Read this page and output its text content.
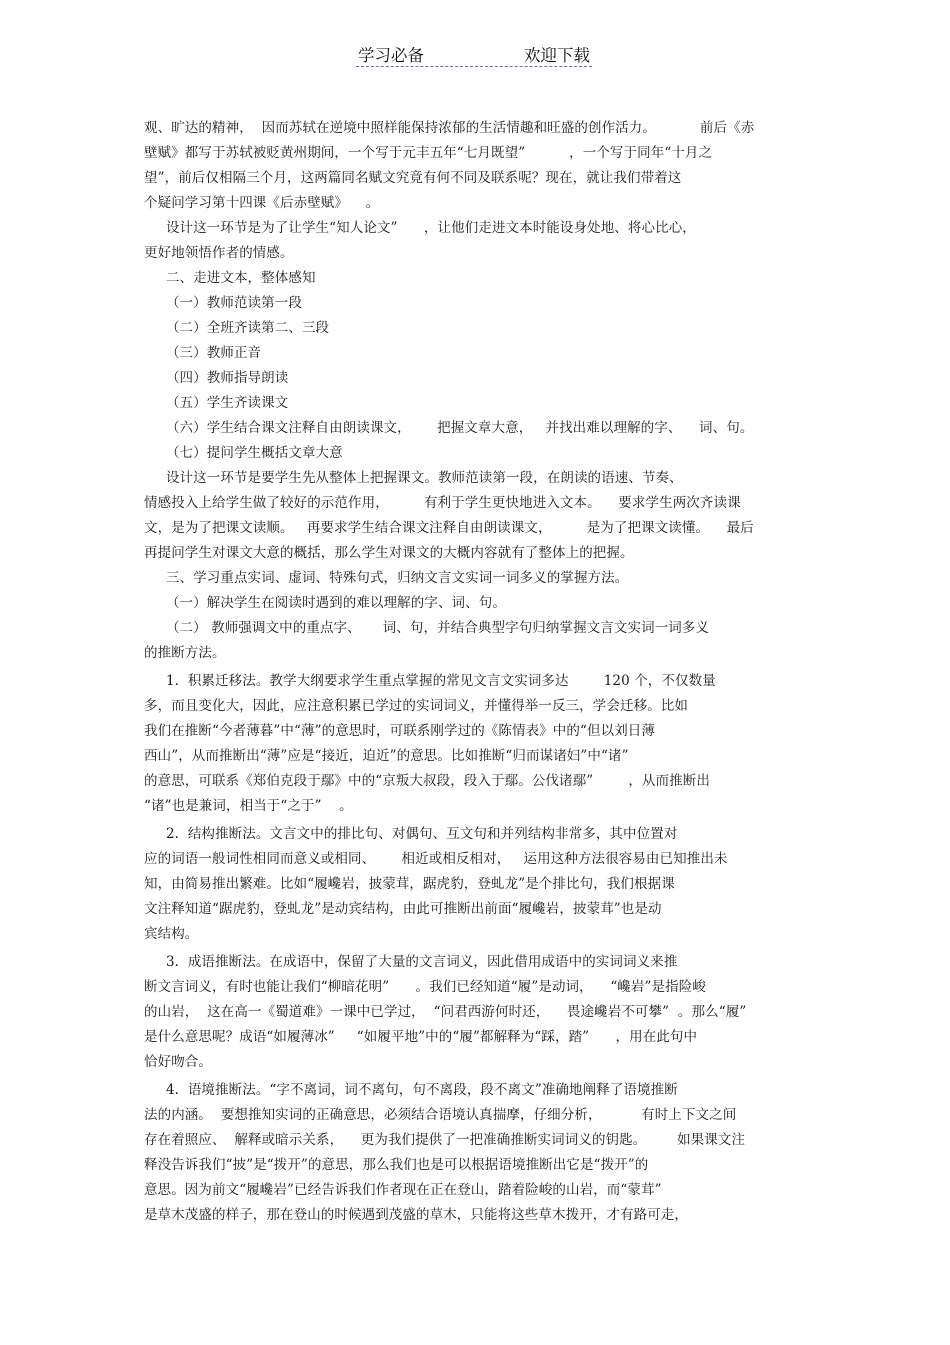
学习必备	欢迎下载
观、旷达的精神，  因而苏轼在逆境中照样能保持浓郁的生活情趣和旺盛的创作活力。          前后《赤
壁赋》都写于苏轼被贬黄州期间，一个写于元丰五年“七月既望”          ，一个写于同年“十月之
望”，前后仅相隔三个月，这两篇同名赋文究竟有何不同及联系呢？现在，就让我们带着这
个疑问学习第十四课《后赤壁赋》    。
设计这一环节是为了让学生“知人论文”      ，让他们走进文本时能设身处地、将心比心，
更好地领悟作者的情感。
二、走进文本，整体感知
（一）教师范读第一段
（二）全班齐读第二、三段
（三）教师正音
（四）教师指导朗读
（五）学生齐读课文
（六）学生结合课文注释自由朗读课文，      把握文章大意，   并找出难以理解的字、    词、句。
（七）提问学生概括文章大意
设计这一环节是要学生先从整体上把握课文。教师范读第一段，在朗读的语速、节奏、
情感投入上给学生做了较好的示范作用，        有利于学生更快地进入文本。    要求学生两次齐读课
文，是为了把课文读顺。   再要求学生结合课文注释自由朗读课文，        是为了把课文读懂。    最后
再提问学生对课文大意的概括，那么学生对课文的大概内容就有了整体上的把握。
三、学习重点实词、虚词、特殊句式，归纳文言文实词一词多义的掌握方法。
（一）解决学生在阅读时遇到的难以理解的字、词、句。
（二） 教师强调文中的重点字、     词、句，并结合典型字句归纳掌握文言文实词一词多义
的推断方法。
1.  积累迁移法。教学大纲要求学生重点掌握的常见文言文实词多达        120 个，不仅数量
多，而且变化大，因此，应注意积累已学过的实词词义，并懂得举一反三，学会迁移。比如
我们在推断“今者薄暮”中“薄”的意思时，可联系刚学过的《陈情表》中的“但以刘日薄
西山”，从而推断出“薄”应是“接近，迫近”的意思。比如推断“归而谋诸妇”中“诸”
的意思，可联系《郑伯克段于鄢》中的“京叛大叔段，段入于鄢。公伐诸鄢”        ，从而推断出
“诸”也是兼词，相当于“之于”    。
2.  结构推断法。文言文中的排比句、对偶句、互文句和并列结构非常多，其中位置对
应的词语一般词性相同而意义或相同、      相近或相反相对，   运用这种方法很容易由已知推出未
知，由简易推出繁难。比如“履巉岩，披蒙茸，踞虎豹，登虬龙”是个排比句，我们根据课
文注释知道“踞虎豹，登虬龙”是动宾结构，由此可推断出前面“履巉岩，披蒙茸”也是动
宾结构。
3.  成语推断法。在成语中，保留了大量的文言词义，因此借用成语中的实词词义来推
断文言词义，有时也能让我们“柳暗花明”      。我们已经知道“履”是动词，    “巉岩”是指险峻
的山岩，  这在高一《蜀道难》一课中已学过，  “问君西游何时还，    畏途巉岩不可攀”  。那么“履”
是什么意思呢？成语“如履薄冰”     “如履平地”中的“履”都解释为“踩，踏”      ，用在此句中
恰好吻合。
4.  语境推断法。“字不离词，词不离句，句不离段，段不离文”准确地阐释了语境推断
法的内涵。  要想推知实词的正确意思，必须结合语境认真揣摩，仔细分析，         有时上下文之间
存在着照应、  解释或暗示关系，    更为我们提供了一把准确推断实词词义的钥匙。       如果课文注
释没告诉我们“披”是“拨开”的意思，那么我们也是可以根据语境推断出它是“拨开”的
意思。因为前文“履巉岩”已经告诉我们作者现在正在登山，踏着险峻的山岩，而“蒙茸”
是草木茂盛的样子，那在登山的时候遇到茂盛的草木，只能将这些草木拨开，才有路可走，
